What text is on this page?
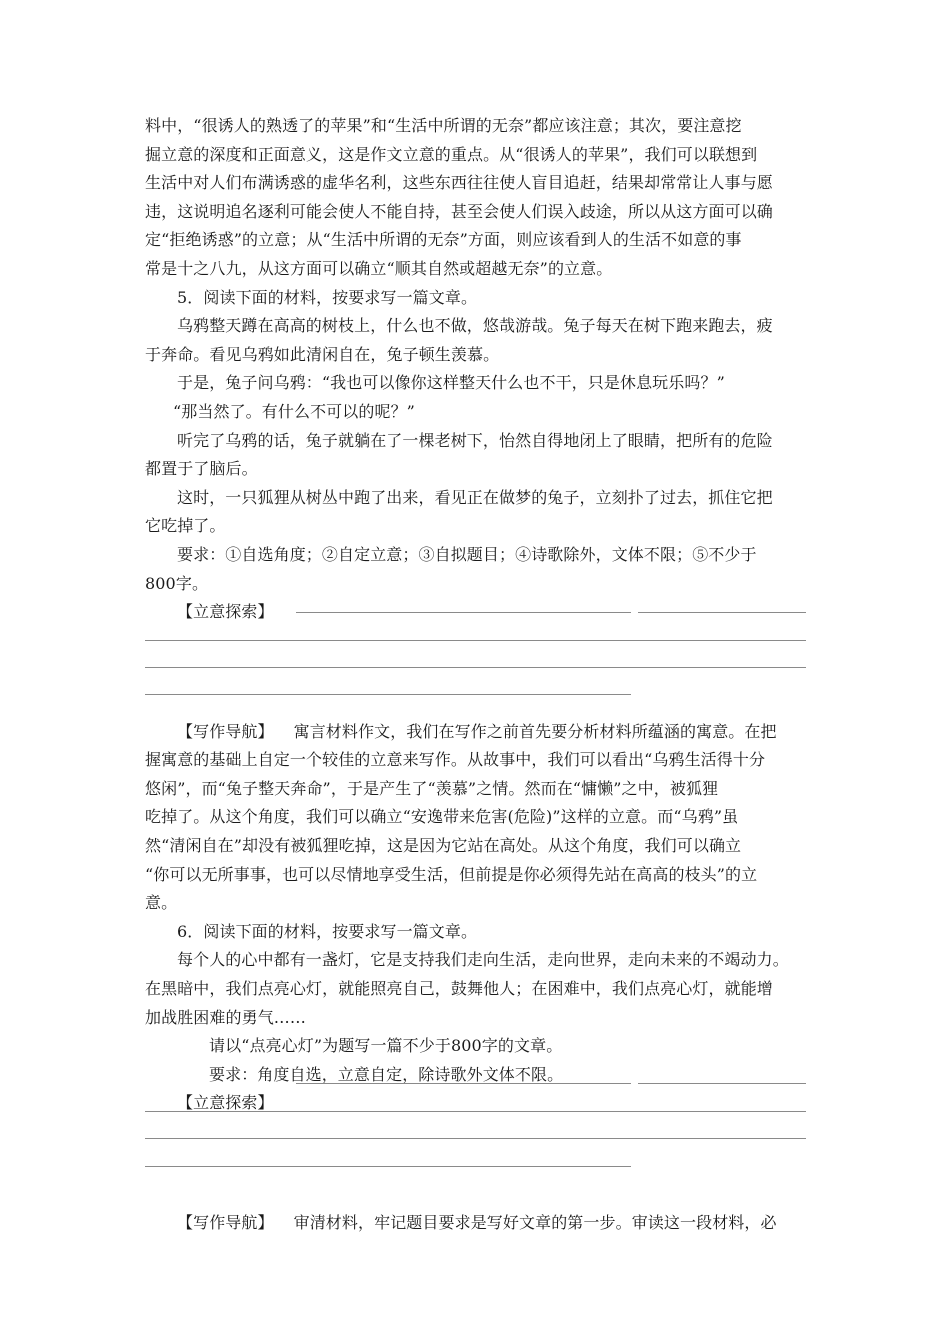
料中，“很诱人的熟透了的苹果”和“生活中所谓的无奈”都应该注意；其次，要注意挖
掘立意的深度和正面意义，这是作文立意的重点。从“很诱人的苹果”，我们可以联想到
生活中对人们布满诱惑的虚华名利，这些东西往往使人盲目追赶，结果却常常让人事与愿
违，这说明追名逐利可能会使人不能自持，甚至会使人们误入歧途，所以从这方面可以确
定“拒绝诱惑”的立意；从“生活中所谓的无奈”方面，则应该看到人的生活不如意的事
常是十之八九，从这方面可以确立“顺其自然或超越无奈”的立意。
5．阅读下面的材料，按要求写一篇文章。
乌鸦整天蹲在高高的树枝上，什么也不做，悠哉游哉。兔子每天在树下跑来跑去，疲
于奔命。看见乌鸦如此清闲自在，兔子顿生羡慕。
于是，兔子问乌鸦：“我也可以像你这样整天什么也不干，只是休息玩乐吗？”
“那当然了。有什么不可以的呢？”
听完了乌鸦的话，兔子就躺在了一棵老树下，怡然自得地闭上了眼睛，把所有的危险
都置于了脑后。
这时，一只狐狸从树丛中跑了出来，看见正在做梦的兔子，立刻扑了过去，抓住它把
它吃掉了。
要求：①自选角度；②自定立意；③自拟题目；④诗歌除外，文体不限；⑤不少于
800字。
【立意探索】
【写作导航】 寓言材料作文，我们在写作之前首先要分析材料所蕴涵的寓意。在把
握寓意的基础上自定一个较佳的立意来写作。从故事中，我们可以看出“乌鸦生活得十分
悠闲”，而“兔子整天奔命”，于是产生了“羡慕”之情。然而在“慵懒”之中，被狐狸
吃掉了。从这个角度，我们可以确立“安逸带来危害(危险)”这样的立意。而“乌鸦”虽
然“清闲自在”却没有被狐狸吃掉，这是因为它站在高处。从这个角度，我们可以确立
“你可以无所事事，也可以尽情地享受生活，但前提是你必须得先站在高高的枝头”的立
意。
6．阅读下面的材料，按要求写一篇文章。
每个人的心中都有一盏灯，它是支持我们走向生活，走向世界，走向未来的不竭动力。
在黑暗中，我们点亮心灯，就能照亮自己，鼓舞他人；在困难中，我们点亮心灯，就能增
加战胜困难的勇气……
请以“点亮心灯”为题写一篇不少于800字的文章。
要求：角度自选，立意自定，除诗歌外文体不限。
【立意探索】
【写作导航】 审清材料，牢记题目要求是写好文章的第一步。审读这一段材料，必
